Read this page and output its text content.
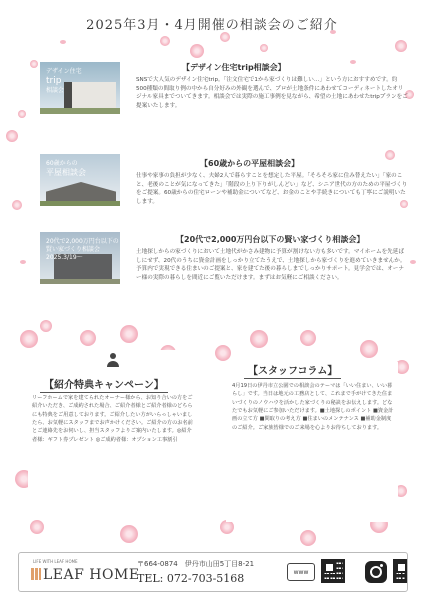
2025年3月・4月開催の相談会のご紹介
デザイン住宅
trip
相談会
【デザイン住宅trip相談会】
SNSで大人気のデザイン住宅trip。「注文住宅で1から家づくりは難しい…」という方におすすめです。約500種類の間取り例の中から自分好みの外観を選んで、プロが土地条件にあわせてコーディネートしたオリジナル家具までついてきます。相談会では実際の施工事例を見ながら、希望の土地にあわせたtripプランをご提案いたします。
60歳からの
平屋相談会
【60歳からの平屋相談会】
仕事や家事の負担が少なく、夫婦2人で暮らすことを想定した平屋。「そろそろ家に住み替えたい」「家のこと、老後のことが気になってきた」「階段の上り下りがしんどい」など、シニア世代の方のための平屋づくりをご提案。60歳からの住宅ローンや補助金についてなど、お金のことや手続きについても丁寧にご説明いたします。
20代で2,000万円台以下の
賢い家づくり相談会
2025.3/19～
【20代で2,000万円台以下の賢い家づくり相談会】
土地探しからの家づくりにおいて土地代がかさみ建物に予算が割けない方も多いです。マイホームを先延ばしにせず、20代のうちに資金計画をしっかり立てたうえで、土地探しから家づくりを進めていきませんか。予算内で実現できる住まいのご提案と、家を建てた後の暮らしまでしっかりサポート。見学会では、オーナー様の実際の暮らしを間近にご覧いただけます。まずはお気軽にご相談ください。
【紹介特典キャンペーン】
リーフホームで家を建てられたオーナー様から、お知り合いの方をご紹介いただき、ご成約された場合、ご紹介者様とご紹介者様のどちらにも特典をご用意しております。ご紹介したい方がいらっしゃいましたら、お気軽にスタッフまでお声かけください。ご紹介の方のお名前とご連絡先をお伺いし、担当スタッフよりご案内いたします。◎紹介者様：ギフト券プレゼント ◎ご成約者様：オプション工事割引
【スタッフコラム】
4月19日の伊丹市立公園での相談会のテーマは「いい住まい、いい暮らし」です。当日は地元の工務店として、これまで手がけてきた住まいづくりのノウハウを活かした家づくりの秘訣をお伝えします。どなたでもお気軽にご参加いただけます。■土地探しのポイント ■資金計画の立て方 ■間取りの考え方 ■住まいのメンテナンス ■補助金制度のご紹介。ご家族皆様でのご来場を心よりお待ちしております。
LIFE WITH LEAF HOME
LEAF HOME
〒664-0874　伊丹市山田5丁目8-21
TEL: 072-703-5168	www
